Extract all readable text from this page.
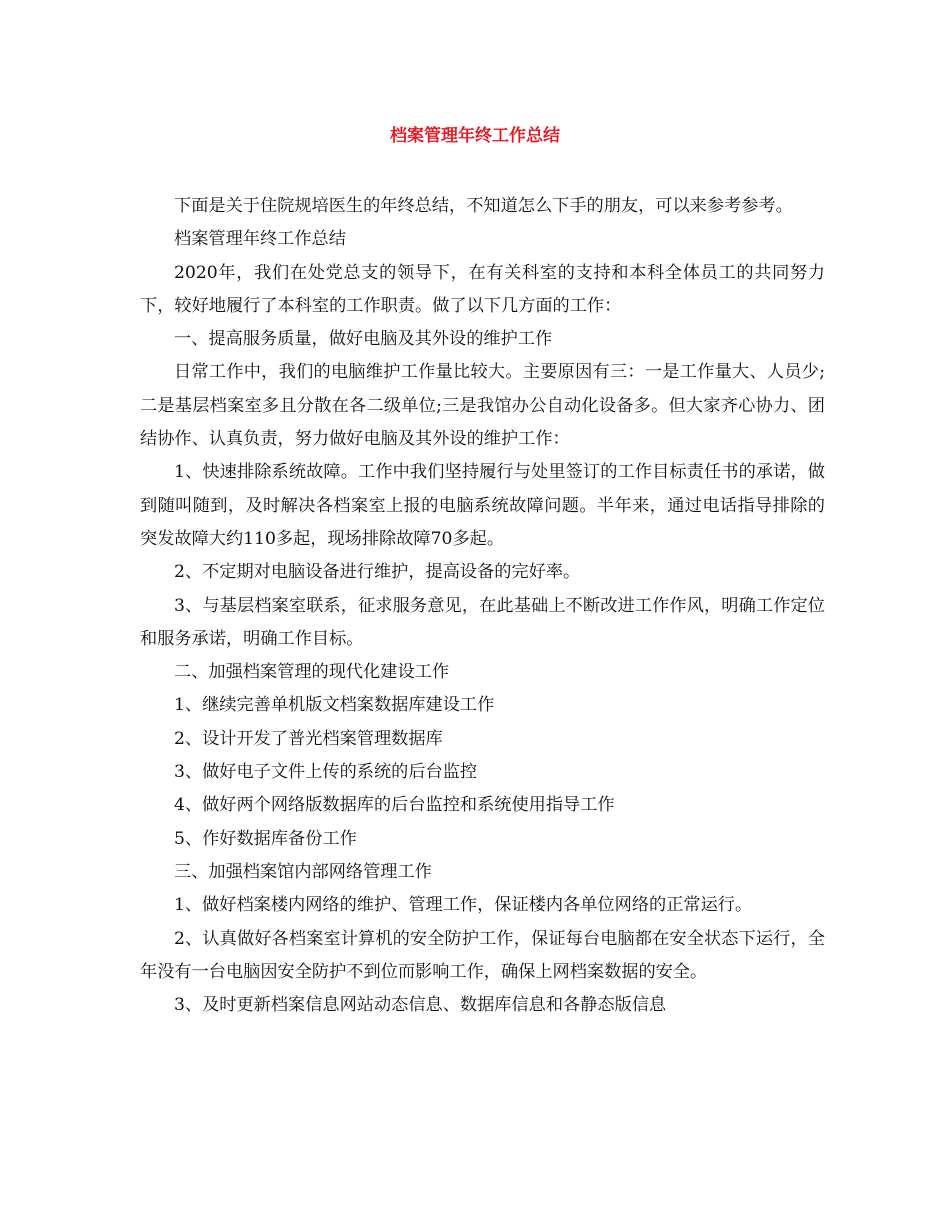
档案管理年终工作总结

下面是关于住院规培医生的年终总结，不知道怎么下手的朋友，可以来参考参考。

档案管理年终工作总结

2020年，我们在处党总支的领导下，在有关科室的支持和本科全体员工的共同努力下，较好地履行了本科室的工作职责。做了以下几方面的工作：

一、提高服务质量，做好电脑及其外设的维护工作

日常工作中，我们的电脑维护工作量比较大。主要原因有三：一是工作量大、人员少;二是基层档案室多且分散在各二级单位;三是我馆办公自动化设备多。但大家齐心协力、团结协作、认真负责，努力做好电脑及其外设的维护工作：

1、快速排除系统故障。工作中我们坚持履行与处里签订的工作目标责任书的承诺，做到随叫随到，及时解决各档案室上报的电脑系统故障问题。半年来，通过电话指导排除的突发故障大约110多起，现场排除故障70多起。

2、不定期对电脑设备进行维护，提高设备的完好率。

3、与基层档案室联系，征求服务意见，在此基础上不断改进工作作风，明确工作定位和服务承诺，明确工作目标。

二、加强档案管理的现代化建设工作

1、继续完善单机版文档案数据库建设工作

2、设计开发了普光档案管理数据库

3、做好电子文件上传的系统的后台监控

4、做好两个网络版数据库的后台监控和系统使用指导工作

5、作好数据库备份工作

三、加强档案馆内部网络管理工作

1、做好档案楼内网络的维护、管理工作，保证楼内各单位网络的正常运行。

2、认真做好各档案室计算机的安全防护工作，保证每台电脑都在安全状态下运行，全年没有一台电脑因安全防护不到位而影响工作，确保上网档案数据的安全。

3、及时更新档案信息网站动态信息、数据库信息和各静态版信息
